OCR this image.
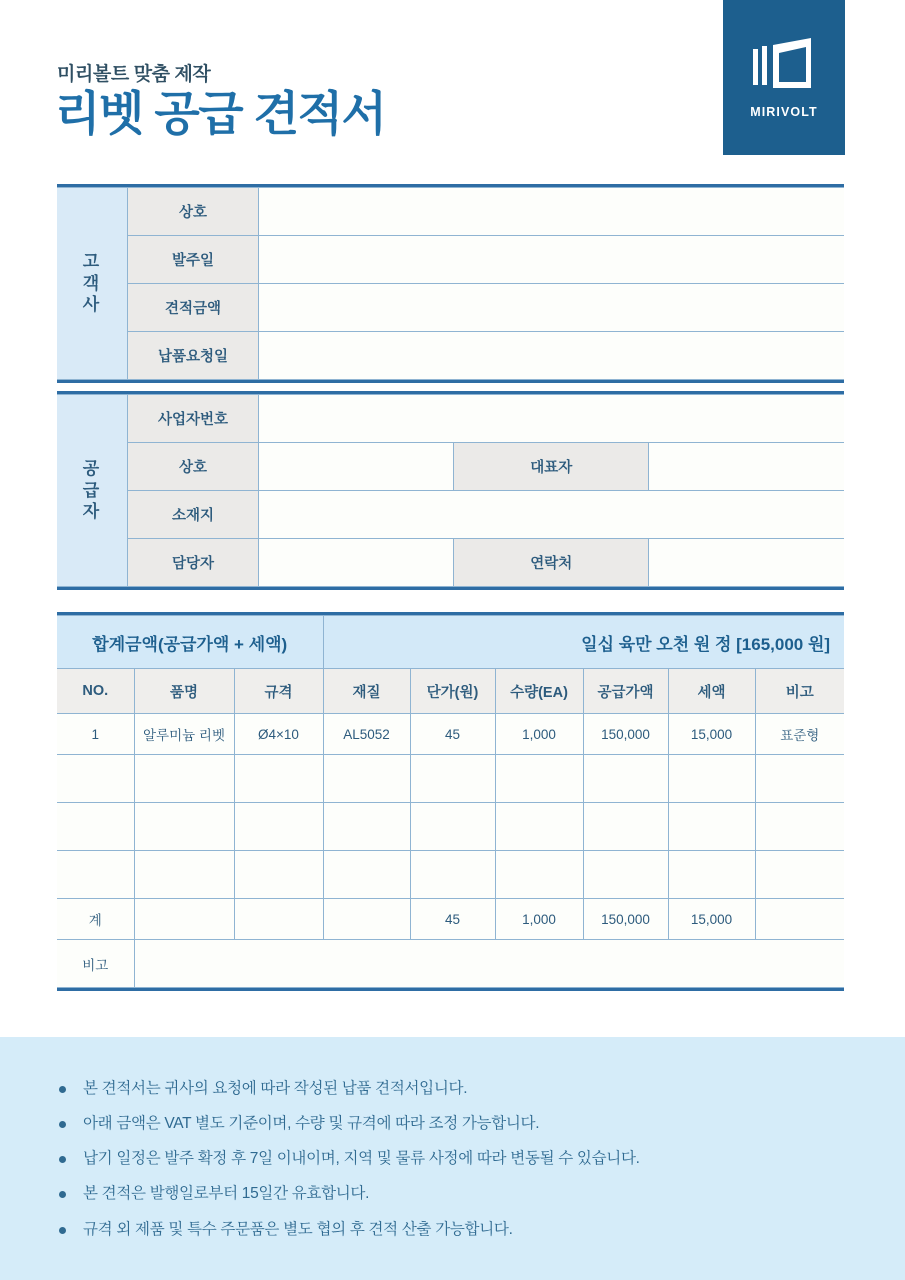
미리볼트 맞춤 제작
리벳 공급 견적서	MIRIVOLT
고
객
사	상호	
	발주일	
	견적금액	
	납품요청일	
공
급
자	사업자번호			
	상호		대표자	
	소재지			
	담당자		연락처	
합계금액(공급가액 + 세액)			일십 육만 오천 원 정 [165,000 원]					
NO.	품명	규격	재질	단가(원)	수량(EA)	공급가액	세액	비고
1	알루미늄 리벳	Ø4×10	AL5052	45	1,000	150,000	15,000	표준형

계				45	1,000	150,000	15,000	
비고								
본 견적서는 귀사의 요청에 따라 작성된 납품 견적서입니다.
아래 금액은 VAT 별도 기준이며, 수량 및 규격에 따라 조정 가능합니다.
납기 일정은 발주 확정 후 7일 이내이며, 지역 및 물류 사정에 따라 변동될 수 있습니다.
본 견적은 발행일로부터 15일간 유효합니다.
규격 외 제품 및 특수 주문품은 별도 협의 후 견적 산출 가능합니다.
